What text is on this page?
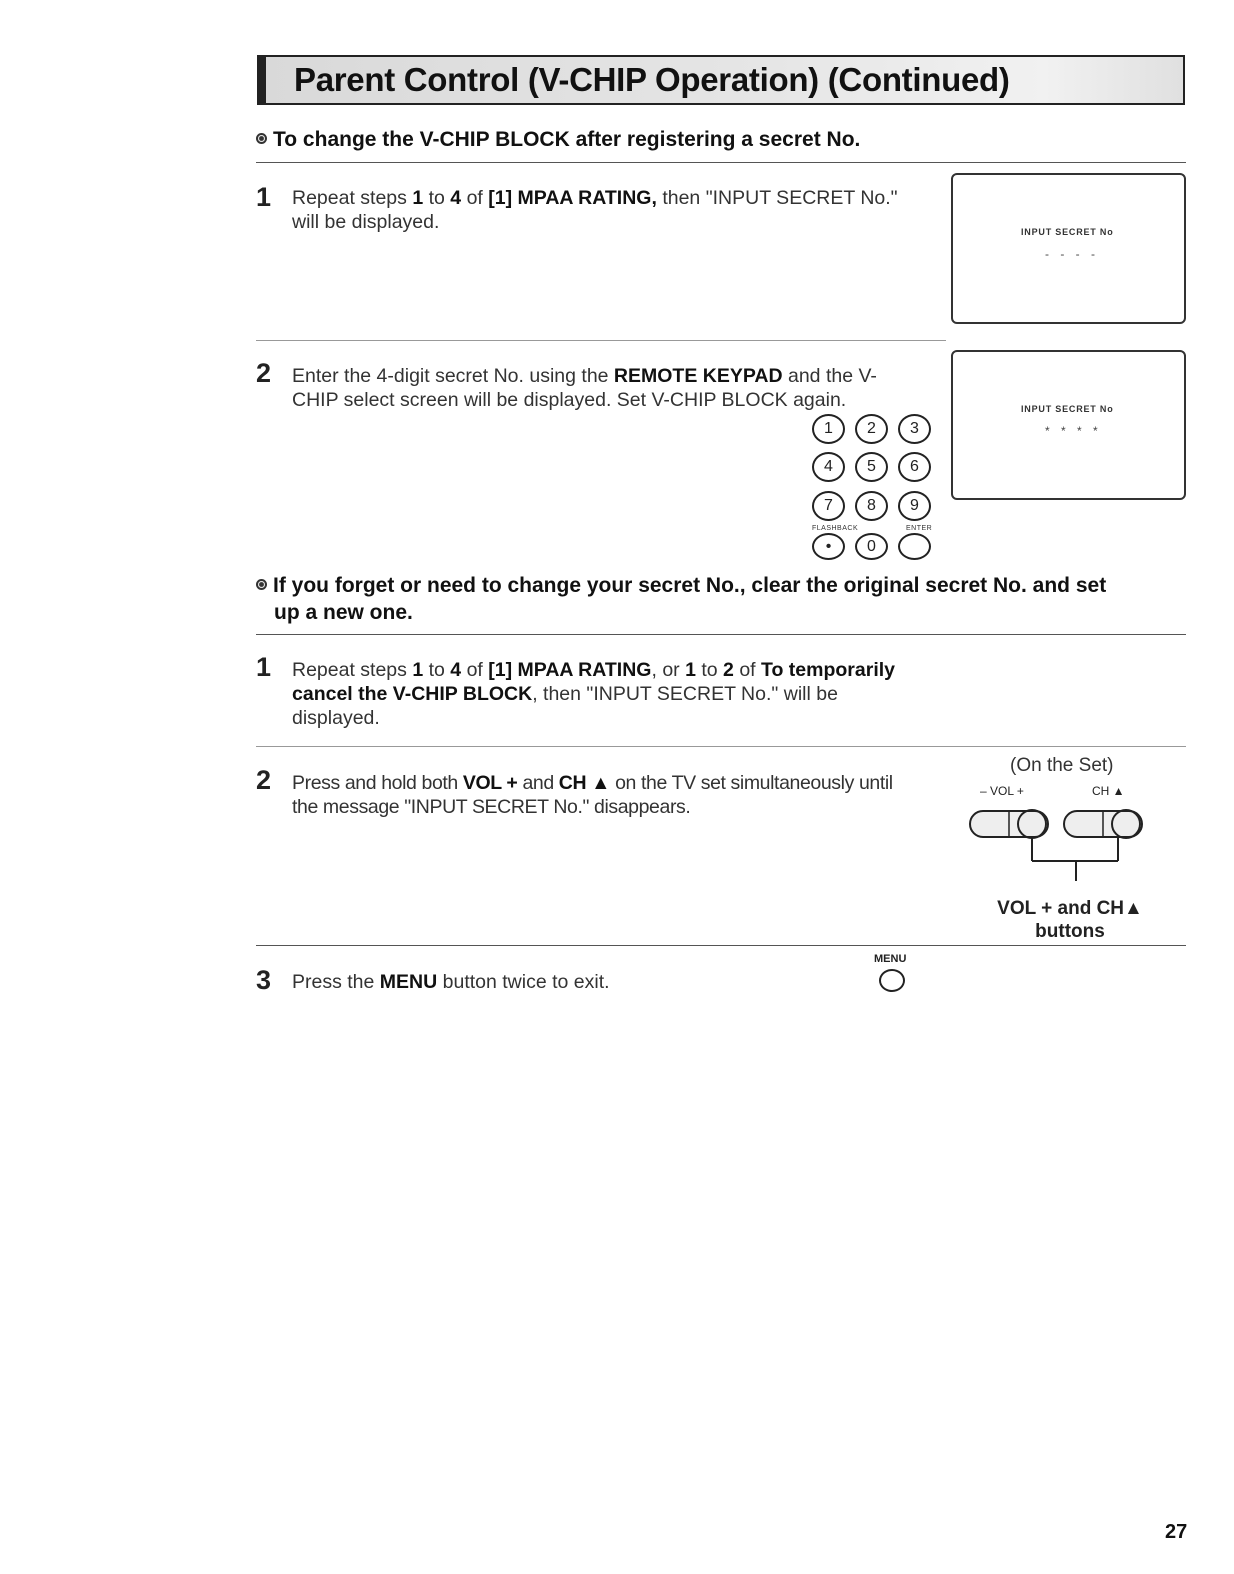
Parent Control (V-CHIP Operation) (Continued)
To change the V-CHIP BLOCK after registering a secret No.
1 Repeat steps 1 to 4 of [1] MPAA RATING, then "INPUT SECRET No." will be displayed.	INPUT SECRET No
- - - -
2 Enter the 4-digit secret No. using the REMOTE KEYPAD and the V-CHIP select screen will be displayed. Set V-CHIP BLOCK again.	INPUT SECRET No
* * * *
1	2	3
4	5	6
7	8	9
FLASHBACK	ENTER
•	0
If you forget or need to change your secret No., clear the original secret No. and set
up a new one.
1 Repeat steps 1 to 4 of [1] MPAA RATING, or 1 to 2 of To temporarily cancel the V-CHIP BLOCK, then "INPUT SECRET No." will be displayed.
2 Press and hold both VOL + and CH ▲ on the TV set simultaneously until the message "INPUT SECRET No." disappears.
(On the Set)
– VOL +	CH ▲
VOL + and CH▲
buttons
3 Press the MENU button twice to exit.
MENU
27
